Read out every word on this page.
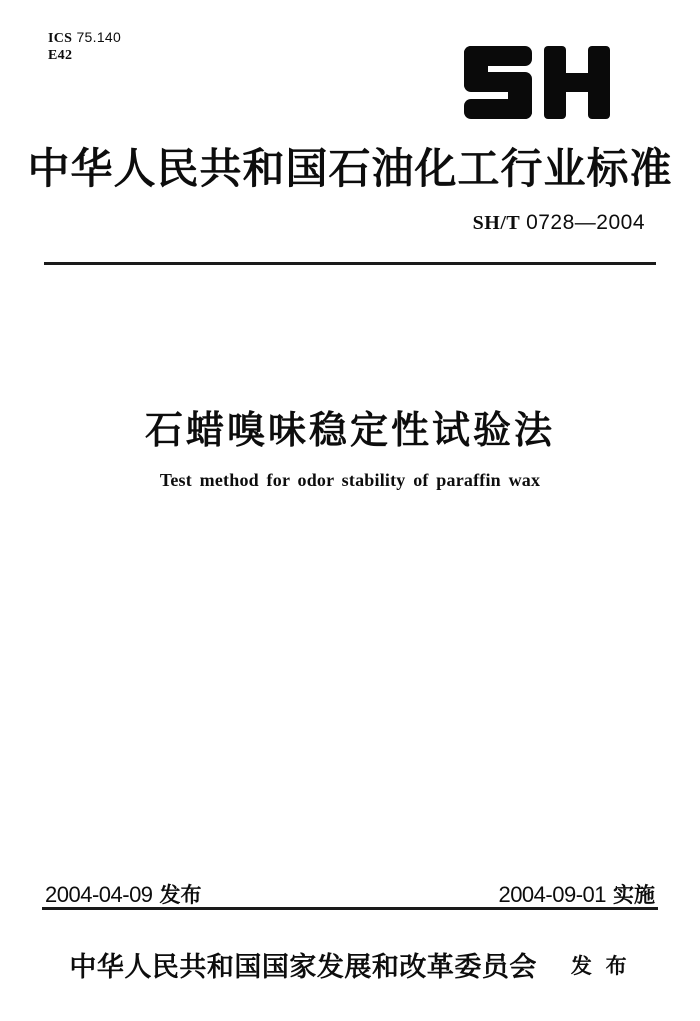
ICS 75.140
E42
中华人民共和国石油化工行业标准
SH/T 0728—2004
石蜡嗅味稳定性试验法
Test method for odor stability of paraffin wax
2004-04-09 发布	2004-09-01 实施
中华人民共和国国家发展和改革委员会 发 布
